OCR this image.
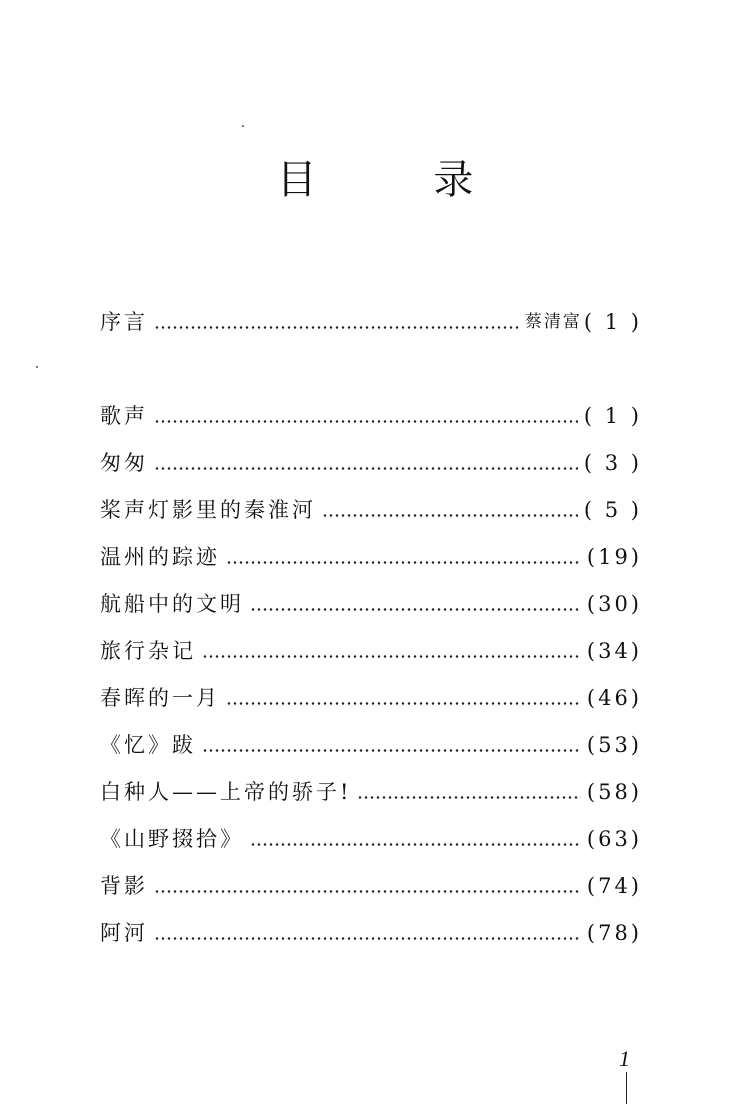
目 录
序言	蔡清富 ( 1 )
歌声	( 1 )
匆匆	( 3 )
桨声灯影里的秦淮河	( 5 )
温州的踪迹	(19)
航船中的文明	(30)
旅行杂记	(34)
春晖的一月	(46)
《忆》跋	(53)
白种人——上帝的骄子!	(58)
《山野掇拾》	(63)
背影	(74)
阿河	(78)
1
